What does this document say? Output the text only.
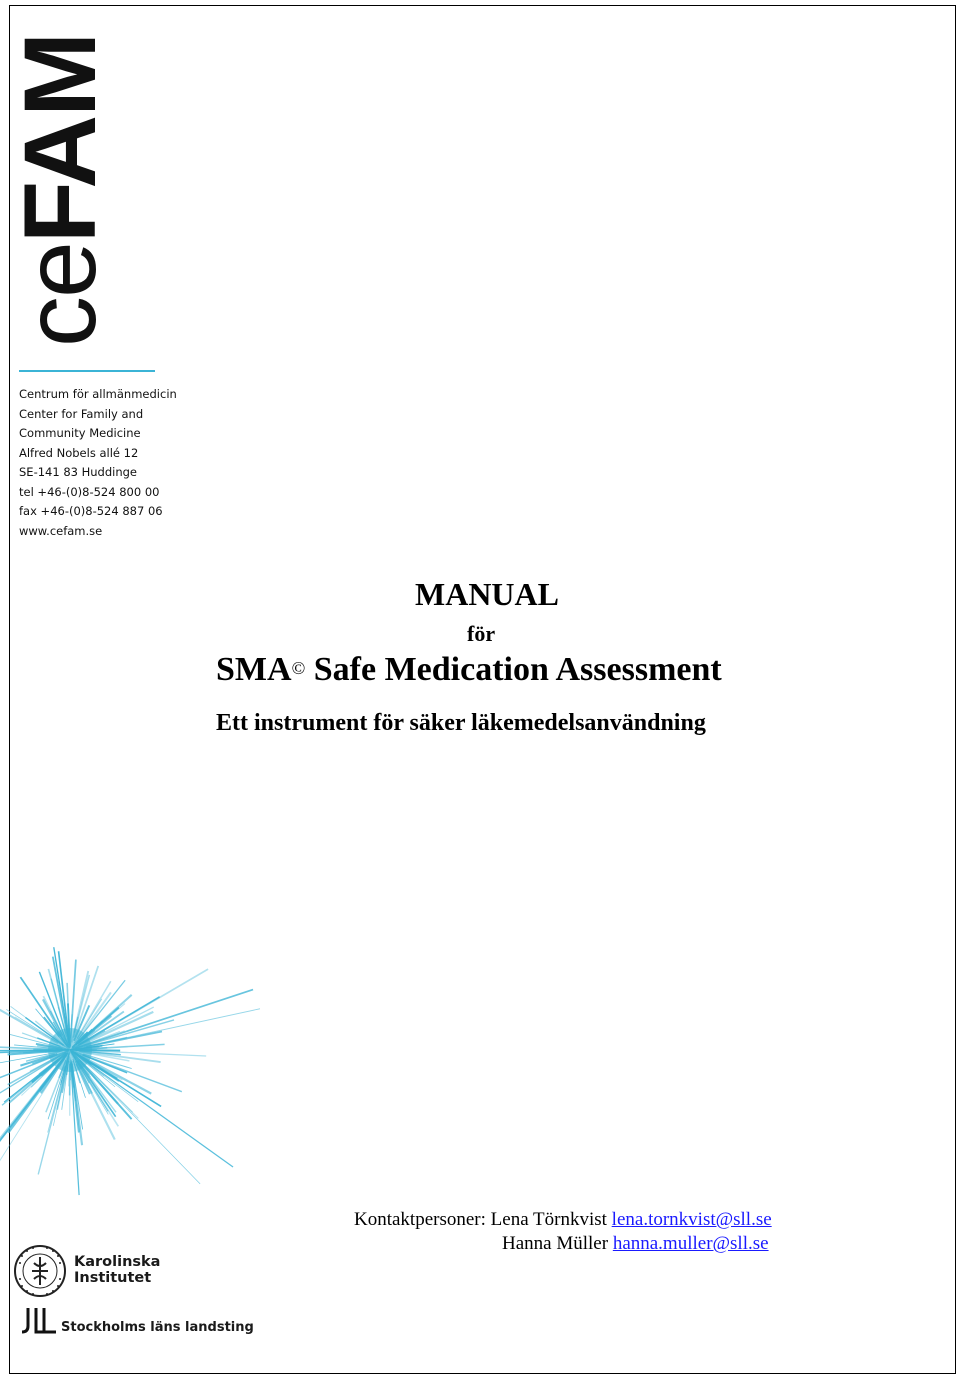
ceFAM
Centrum för allmänmedicin
Center for Family and
Community Medicine
Alfred Nobels allé 12
SE-141 83 Huddinge
tel +46-(0)8-524 800 00
fax +46-(0)8-524 887 06
www.cefam.se
MANUAL
för
SMA© Safe Medication Assessment
Ett instrument för säker läkemedelsanvändning
Kontaktpersoner: Lena Törnkvist lena.tornkvist@sll.se
Hanna Müller hanna.muller@sll.se
Karolinska
Institutet
Stockholms läns landsting
